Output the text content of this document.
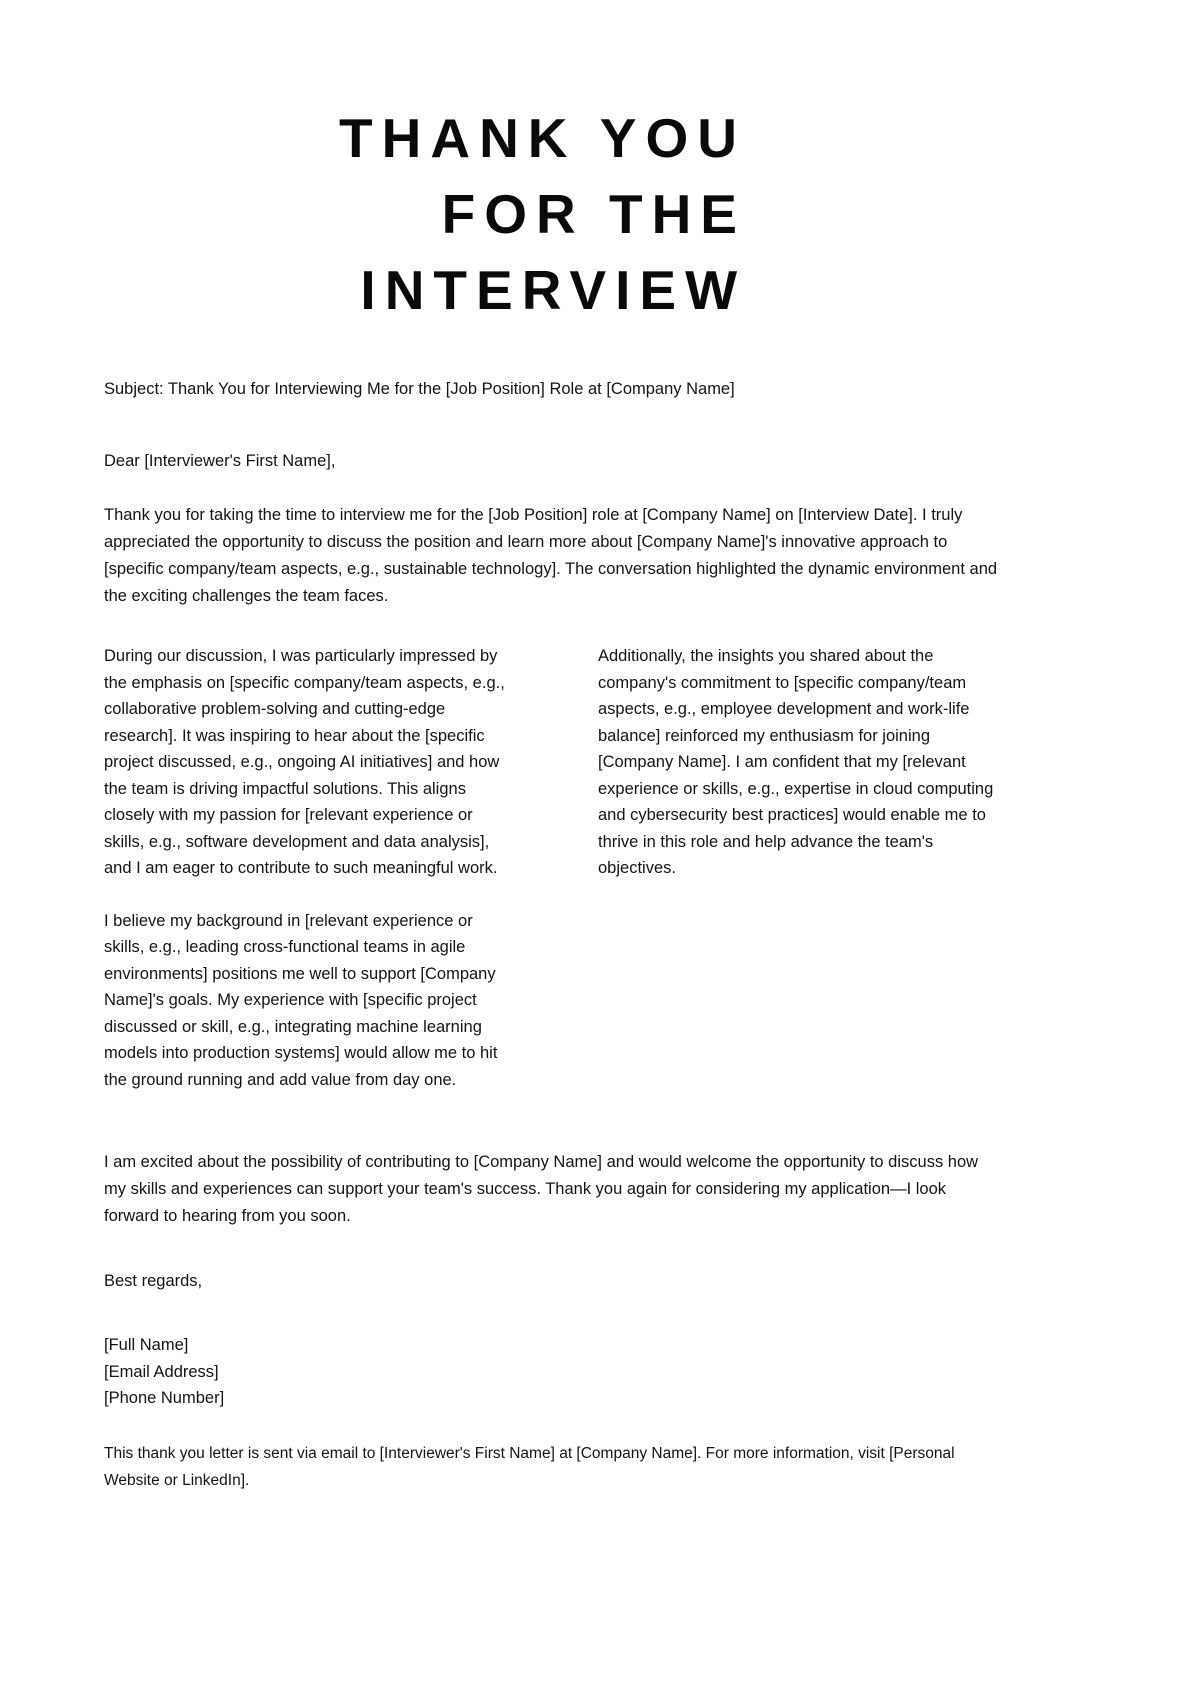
THANK YOU
FOR THE
INTERVIEW
Subject: Thank You for Interviewing Me for the [Job Position] Role at [Company Name]
Dear [Interviewer's First Name],
Thank you for taking the time to interview me for the [Job Position] role at [Company Name] on [Interview Date]. I truly appreciated the opportunity to discuss the position and learn more about [Company Name]'s innovative approach to [specific company/team aspects, e.g., sustainable technology]. The conversation highlighted the dynamic environment and the exciting challenges the team faces.
During our discussion, I was particularly impressed by the emphasis on [specific company/team aspects, e.g., collaborative problem-solving and cutting-edge research]. It was inspiring to hear about the [specific project discussed, e.g., ongoing AI initiatives] and how the team is driving impactful solutions. This aligns closely with my passion for [relevant experience or skills, e.g., software development and data analysis], and I am eager to contribute to such meaningful work.
I believe my background in [relevant experience or skills, e.g., leading cross-functional teams in agile environments] positions me well to support [Company Name]'s goals. My experience with [specific project discussed or skill, e.g., integrating machine learning models into production systems] would allow me to hit the ground running and add value from day one.
Additionally, the insights you shared about the company's commitment to [specific company/team aspects, e.g., employee development and work-life balance] reinforced my enthusiasm for joining [Company Name]. I am confident that my [relevant experience or skills, e.g., expertise in cloud computing and cybersecurity best practices] would enable me to thrive in this role and help advance the team's objectives.
I am excited about the possibility of contributing to [Company Name] and would welcome the opportunity to discuss how my skills and experiences can support your team's success. Thank you again for considering my application—I look forward to hearing from you soon.
Best regards,
[Full Name]
[Email Address]
[Phone Number]
This thank you letter is sent via email to [Interviewer's First Name] at [Company Name]. For more information, visit [Personal Website or LinkedIn].
